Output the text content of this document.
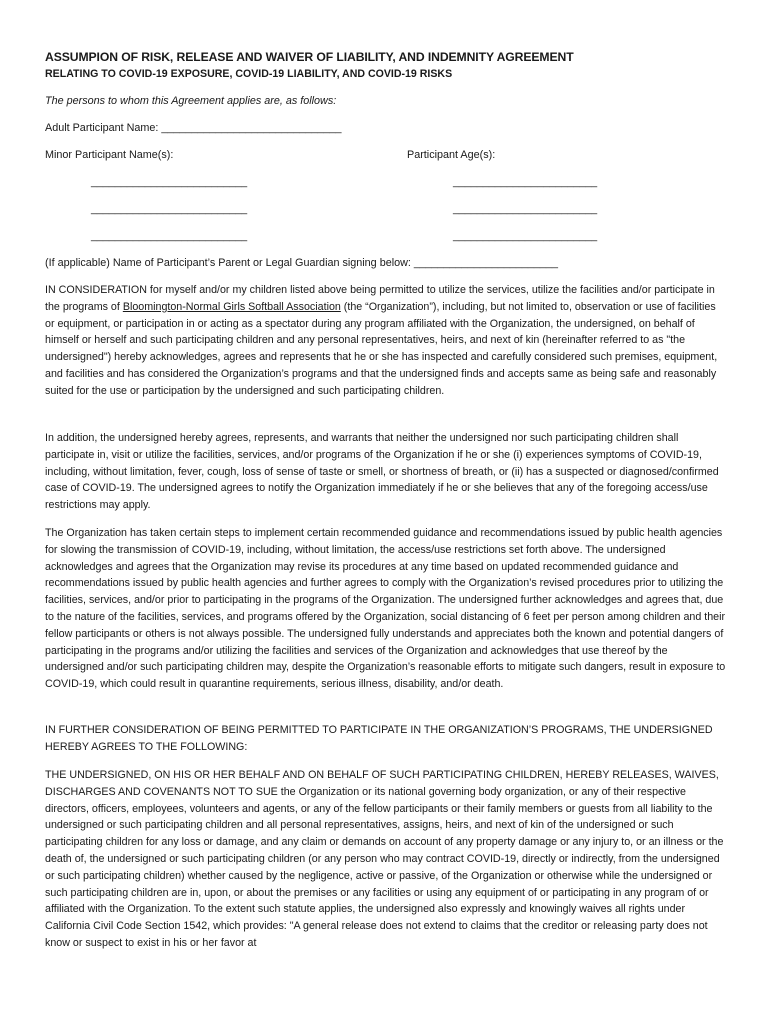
ASSUMPION OF RISK, RELEASE AND WAIVER OF LIABILITY, AND INDEMNITY AGREEMENT
RELATING TO COVID-19 EXPOSURE, COVID-19 LIABILITY, AND COVID-19 RISKS
The persons to whom this Agreement applies are, as follows:
Adult Participant Name: ______________________________
Minor Participant Name(s):	Participant Age(s):
__________________________	________________________
__________________________	________________________
__________________________	________________________
(If applicable) Name of Participant’s Parent or Legal Guardian signing below: ________________________

IN CONSIDERATION for myself and/or my children listed above being permitted to utilize the services, utilize the facilities and/or participate in the programs of Bloomington-Normal Girls Softball Association (the “Organization”), including, but not limited to, observation or use of facilities or equipment, or participation in or acting as a spectator during any program affiliated with the Organization, the undersigned, on behalf of himself or herself and such participating children and any personal representatives, heirs, and next of kin (hereinafter referred to as "the undersigned") hereby acknowledges, agrees and represents that he or she has inspected and carefully considered such premises, equipment, and facilities and has considered the Organization’s programs and that the undersigned finds and accepts same as being safe and reasonably suited for the use or participation by the undersigned and such participating children.

In addition, the undersigned hereby agrees, represents, and warrants that neither the undersigned nor such participating children shall participate in, visit or utilize the facilities, services, and/or programs of the Organization if he or she (i) experiences symptoms of COVID-19, including, without limitation, fever, cough, loss of sense of taste or smell, or shortness of breath, or (ii) has a suspected or diagnosed/confirmed case of COVID-19. The undersigned agrees to notify the Organization immediately if he or she believes that any of the foregoing access/use restrictions may apply.

The Organization has taken certain steps to implement certain recommended guidance and recommendations issued by public health agencies for slowing the transmission of COVID-19, including, without limitation, the access/use restrictions set forth above. The undersigned acknowledges and agrees that the Organization may revise its procedures at any time based on updated recommended guidance and recommendations issued by public health agencies and further agrees to comply with the Organization’s revised procedures prior to utilizing the facilities, services, and/or prior to participating in the programs of the Organization. The undersigned further acknowledges and agrees that, due to the nature of the facilities, services, and programs offered by the Organization, social distancing of 6 feet per person among children and their fellow participants or others is not always possible. The undersigned fully understands and appreciates both the known and potential dangers of participating in the programs and/or utilizing the facilities and services of the Organization and acknowledges that use thereof by the undersigned and/or such participating children may, despite the Organization’s reasonable efforts to mitigate such dangers, result in exposure to COVID-19, which could result in quarantine requirements, serious illness, disability, and/or death.

IN FURTHER CONSIDERATION OF BEING PERMITTED TO PARTICIPATE IN THE ORGANIZATION’S PROGRAMS, THE UNDERSIGNED HEREBY AGREES TO THE FOLLOWING:

THE UNDERSIGNED, ON HIS OR HER BEHALF AND ON BEHALF OF SUCH PARTICIPATING CHILDREN, HEREBY RELEASES, WAIVES, DISCHARGES AND COVENANTS NOT TO SUE the Organization or its national governing body organization, or any of their respective directors, officers, employees, volunteers and agents, or any of the fellow participants or their family members or guests from all liability to the undersigned or such participating children and all personal representatives, assigns, heirs, and next of kin of the undersigned or such participating children for any loss or damage, and any claim or demands on account of any property damage or any injury to, or an illness or the death of, the undersigned or such participating children (or any person who may contract COVID-19, directly or indirectly, from the undersigned or such participating children) whether caused by the negligence, active or passive, of the Organization or otherwise while the undersigned or such participating children are in, upon, or about the premises or any facilities or using any equipment of or participating in any program of or affiliated with the Organization. To the extent such statute applies, the undersigned also expressly and knowingly waives all rights under California Civil Code Section 1542, which provides: "A general release does not extend to claims that the creditor or releasing party does not know or suspect to exist in his or her favor at
